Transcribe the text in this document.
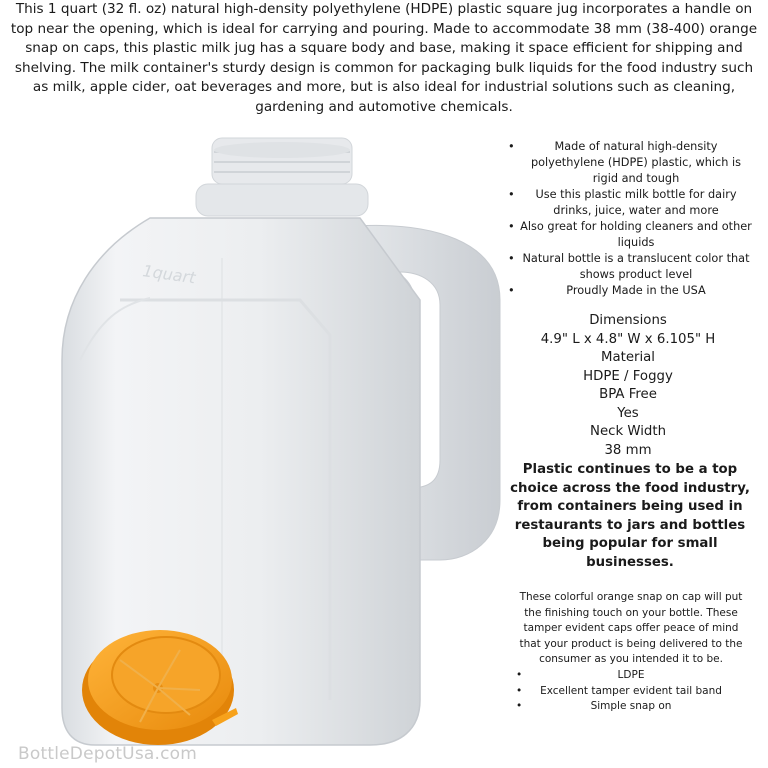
This 1 quart (32 fl. oz) natural high-density polyethylene (HDPE) plastic square jug incorporates a handle on top near the opening, which is ideal for carrying and pouring. Made to accommodate 38 mm (38-400) orange snap on caps, this plastic milk jug has a square body and base, making it space efficient for shipping and shelving. The milk container's sturdy design is common for packaging bulk liquids for the food industry such as milk, apple cider, oat beverages and more, but is also ideal for industrial solutions such as cleaning, gardening and automotive chemicals.
1quart
• Made of natural high-density polyethylene (HDPE) plastic, which is rigid and tough
• Use this plastic milk bottle for dairy drinks, juice, water and more
• Also great for holding cleaners and other liquids
• Natural bottle is a translucent color that shows product level
• Proudly Made in the USA
Dimensions
4.9" L x 4.8" W x 6.105" H
Material
HDPE / Foggy
BPA Free
Yes
Neck Width
38 mm
Plastic continues to be a top choice across the food industry, from containers being used in restaurants to jars and bottles being popular for small businesses.
These colorful orange snap on cap will put the finishing touch on your bottle. These tamper evident caps offer peace of mind that your product is being delivered to the consumer as you intended it to be.
• LDPE
• Excellent tamper evident tail band
• Simple snap on
BottleDepotUsa.com
